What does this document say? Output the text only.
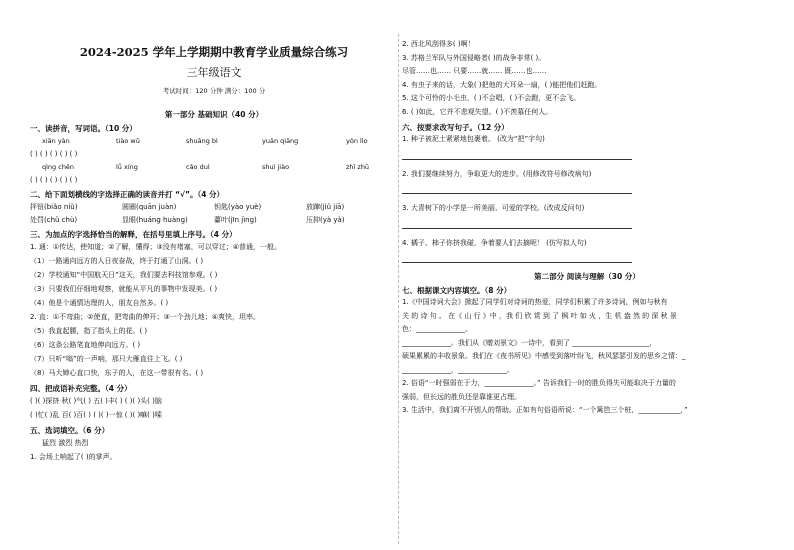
2024-2025 学年上学期期中教育学业质量综合练习
三年级语文
考试时间：120 分钟 满分：100 分
第一部分 基础知识（40 分）
一、读拼音，写词语。（10 分）
xiān yàn	tiào wǔ	shuāng bì	yuān qiāng	yǒn lìo
( ) ( ) ( ) ( ) ( )
qìng chēn	lǚ xíng	cǎo duì	shuì jiào	zhǐ zhū
( ) ( ) ( ) ( ) ( )
二、给下面划横线的字选择正确的读音并打 “√”。（4 分）
抨钮(biǎo niǔ)	圆圈(quān juàn)	钥匙(yào yuè)	放蹿(jiǔ jiā)
处罚(chǔ chù)	显眼(huáng huàng)	薹叶(jīn jìng)	压抑(yà yà)
三、为加点的字选择恰当的解释，在括号里填上序号。（4 分）
1. 通：①传达，使知道；②了解，懂得；③没有堵塞，可以穿过；④普通，一般。
（1）一路通向远方的人日夜奋战，终于打通了山洞。( )
（2）学校通知“中国航天日”这天，我们要去科技馆参观。( )
（3）只要我们仔细地观察，就能从平凡的事物中发现美。( )
（4）他是个通情达理的人，朋友自然多。( )
2. 直：①不弯曲；②使直，把弯曲的伸开；③一个劲儿地；④爽快，坦率。
（5）我直起腰，指了指头上的花。( )
（6）这条公路笔直地伸向远方。( )
（7）只听“嗡”的一声响，那只大雁直往上飞。( )
（8）马大婶心直口快，东子的人，在这一带很有名。( )
四、把成语补充完整。（4 分）
( )( )探挤 秋( )气( ) 五( )丰( ) ( )( )头( )脑
( )忙( )乱 百( )百( ) ( )( )一惊 ( )( )嘛( )嗦
五、选词填空。（6 分）
猛烈 激烈 热烈
1. 会场上响起了( )的掌声。
2. 西北风刮得多( )啊！
3. 苏格兰军队与外国侵略者( )的战争非常( )。
尽管……也…… 只要……就…… 既……也……
4. 有虫子来的话，大象( )把他的大耳朵一扇，( )能把他们赶跑。
5. 这个可怜的小毛虫，( )不会唱，( )不会跑，更不会飞。
6. ( )如此，它并不悲观失望。( )不羡慕任何人。
六、按要求改写句子。（12 分）
1. 种子被泥土紧紧地包裹着。 (改为“把”字句)
2. 我们要继续努力，争取更大的进步。(用修改符号修改病句)
3. 大青树下的小学是一所美丽、可爱的学校。(改成反问句)
4. 橘子、柿子你挤我碰，争着要人们去摘呢！ (仿写拟人句)
第二部分 阅读与理解（30 分）
七、根据课文内容填空。（8 分）
1.《中国诗词大会》掀起了同学们对诗词的热爱，同学们积累了许多诗词，例如与秋有
关 的 诗 句 。 在《 山 行 》中 ，我 们 欣 赏 到 了 枫 叶 如 火 ，生 机 盎 然 的 深 秋 景
色：______________。
______________。我们从《赠刘景文》一诗中，看到了 ______________________，
硕果累累的丰收景象。我们在《夜书所见》中感受到落叶纷飞，秋风瑟瑟引发的思乡之情：_
______________，______________。
2. 俗语“一时强弱在于力，______________。” 告诉我们一时的胜负得失可能取决于力量的
强弱，但长远的胜负还是靠谁更占理。
3. 生活中，我们离不开别人的帮助。正如有句俗语所说：“一个篱笆三个桩，____________，”
